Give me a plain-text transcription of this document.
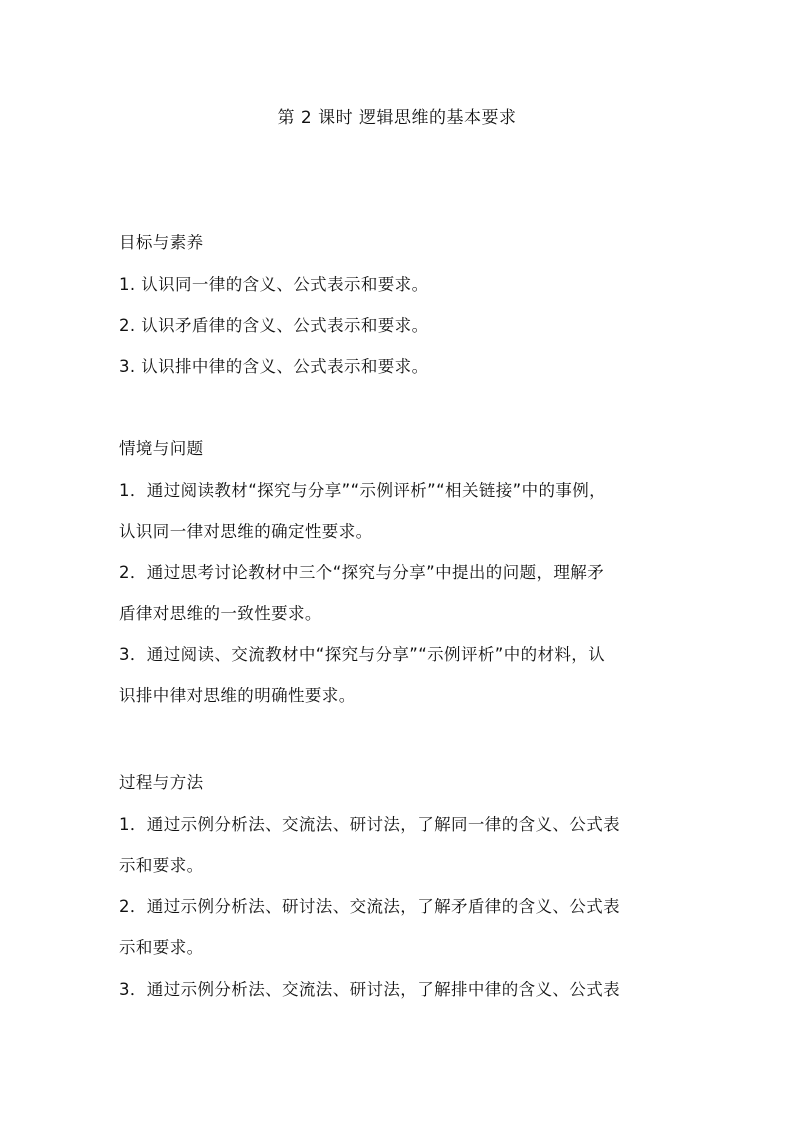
第 2 课时 逻辑思维的基本要求
目标与素养
1. 认识同一律的含义、公式表示和要求。
2. 认识矛盾律的含义、公式表示和要求。
3. 认识排中律的含义、公式表示和要求。
情境与问题
1．通过阅读教材“探究与分享”“示例评析”“相关链接”中的事例，
认识同一律对思维的确定性要求。
2．通过思考讨论教材中三个“探究与分享”中提出的问题，理解矛
盾律对思维的一致性要求。
3．通过阅读、交流教材中“探究与分享”“示例评析”中的材料，认
识排中律对思维的明确性要求。
过程与方法
1．通过示例分析法、交流法、研讨法，了解同一律的含义、公式表
示和要求。
2．通过示例分析法、研讨法、交流法，了解矛盾律的含义、公式表
示和要求。
3．通过示例分析法、交流法、研讨法，了解排中律的含义、公式表
